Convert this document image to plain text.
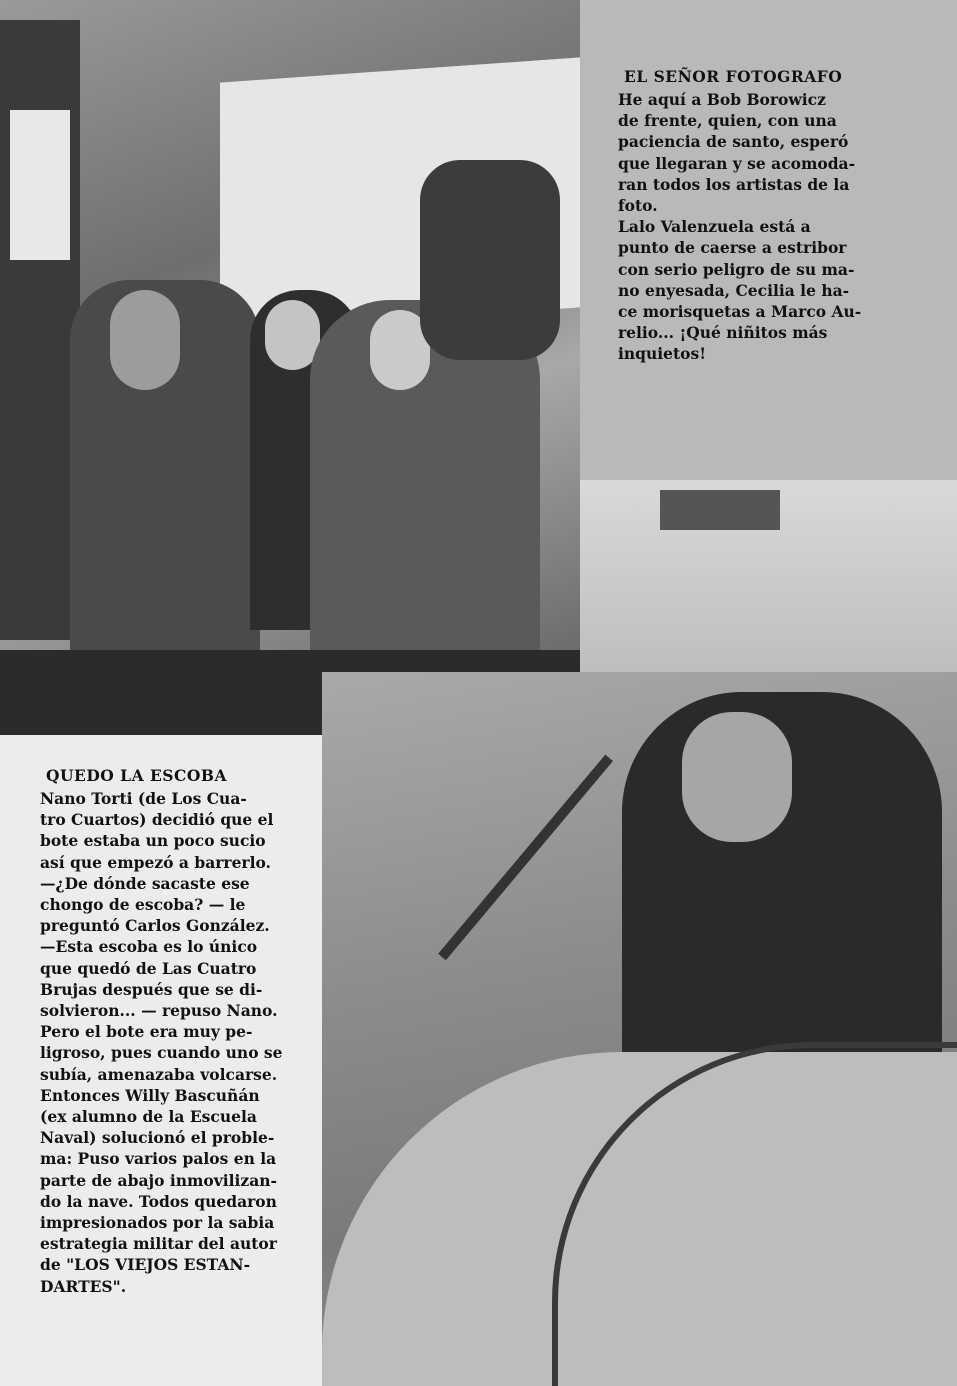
EL SEÑOR FOTOGRAFO

He aquí a Bob Borowicz
de frente, quien, con una
paciencia de santo, esperó
que llegaran y se acomoda-
ran todos los artistas de la
foto.

Lalo Valenzuela está a
punto de caerse a estribor
con serio peligro de su ma-
no enyesada, Cecilia le ha-
ce morisquetas a Marco Au-
relio... ¡Qué niñitos más
inquietos!

QUEDO LA ESCOBA

Nano Torti (de Los Cua-
tro Cuartos) decidió que el
bote estaba un poco sucio
así que empezó a barrerlo.

—¿De dónde sacaste ese
chongo de escoba? — le
preguntó Carlos González.

—Esta escoba es lo único
que quedó de Las Cuatro
Brujas después que se di-
solvieron... — repuso Nano.

Pero el bote era muy pe-
ligroso, pues cuando uno se
subía, amenazaba volcarse.
Entonces Willy Bascuñán
(ex alumno de la Escuela
Naval) solucionó el proble-
ma: Puso varios palos en la
parte de abajo inmovilizan-
do la nave. Todos quedaron
impresionados por la sabia
estrategia militar del autor
de "LOS VIEJOS ESTAN-
DARTES".
